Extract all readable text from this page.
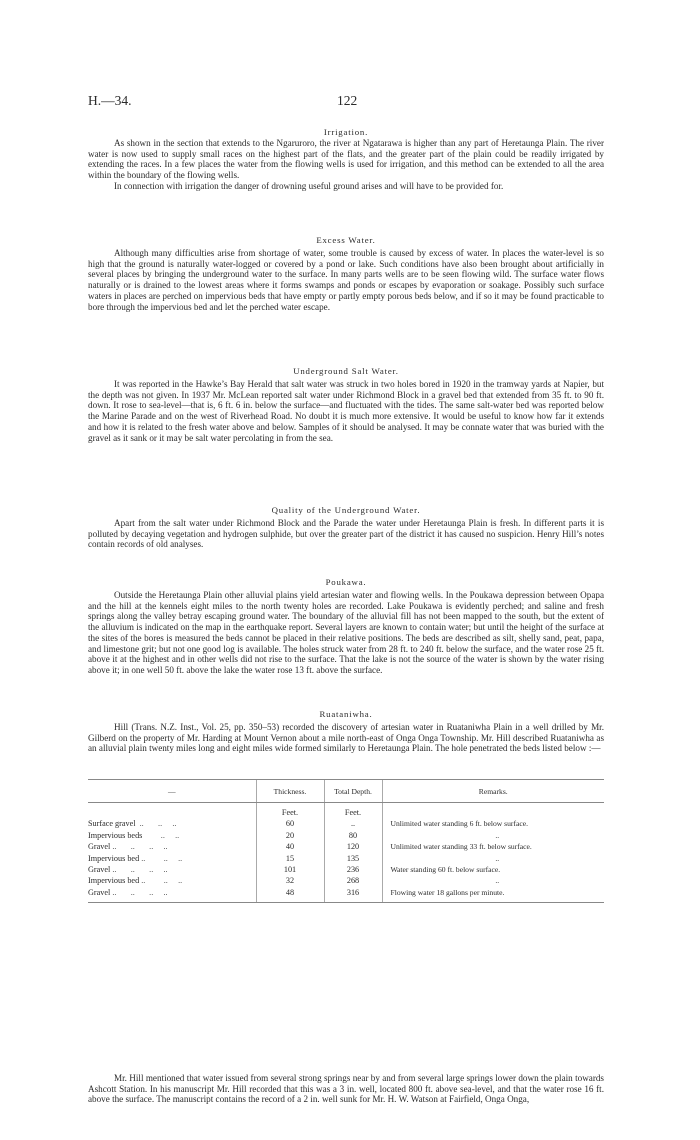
H.—34.	122

Irrigation.

As shown in the section that extends to the Ngaruroro, the river at Ngatarawa is higher than any part of Heretaunga Plain. The river water is now used to supply small races on the highest part of the flats, and the greater part of the plain could be readily irrigated by extending the races. In a few places the water from the flowing wells is used for irrigation, and this method can be extended to all the area within the boundary of the flowing wells.

In connection with irrigation the danger of drowning useful ground arises and will have to be provided for.

Excess Water.

Although many difficulties arise from shortage of water, some trouble is caused by excess of water. In places the water-level is so high that the ground is naturally water-logged or covered by a pond or lake. Such conditions have also been brought about artificially in several places by bringing the underground water to the surface. In many parts wells are to be seen flowing wild. The surface water flows naturally or is drained to the lowest areas where it forms swamps and ponds or escapes by evaporation or soakage. Possibly such surface waters in places are perched on impervious beds that have empty or partly empty porous beds below, and if so it may be found practicable to bore through the impervious bed and let the perched water escape.

Underground Salt Water.

It was reported in the Hawke’s Bay Herald that salt water was struck in two holes bored in 1920 in the tramway yards at Napier, but the depth was not given. In 1937 Mr. McLean reported salt water under Richmond Block in a gravel bed that extended from 35 ft. to 90 ft. down. It rose to sea-level—that is, 6 ft. 6 in. below the surface—and fluctuated with the tides. The same salt-water bed was reported below the Marine Parade and on the west of Riverhead Road. No doubt it is much more extensive. It would be useful to know how far it extends and how it is related to the fresh water above and below. Samples of it should be analysed. It may be connate water that was buried with the gravel as it sank or it may be salt water percolating in from the sea.

Quality of the Underground Water.

Apart from the salt water under Richmond Block and the Parade the water under Heretaunga Plain is fresh. In different parts it is polluted by decaying vegetation and hydrogen sulphide, but over the greater part of the district it has caused no suspicion. Henry Hill’s notes contain records of old analyses.

Poukawa.

Outside the Heretaunga Plain other alluvial plains yield artesian water and flowing wells. In the Poukawa depression between Opapa and the hill at the kennels eight miles to the north twenty holes are recorded. Lake Poukawa is evidently perched; and saline and fresh springs along the valley betray escaping ground water. The boundary of the alluvial fill has not been mapped to the south, but the extent of the alluvium is indicated on the map in the earthquake report. Several layers are known to contain water; but until the height of the surface at the sites of the bores is measured the beds cannot be placed in their relative positions. The beds are described as silt, shelly sand, peat, papa, and limestone grit; but not one good log is available. The holes struck water from 28 ft. to 240 ft. below the surface, and the water rose 25 ft. above it at the highest and in other wells did not rise to the surface. That the lake is not the source of the water is shown by the water rising above it; in one well 50 ft. above the lake the water rose 13 ft. above the surface.

Ruataniwha.

Hill (Trans. N.Z. Inst., Vol. 25, pp. 350–53) recorded the discovery of artesian water in Ruataniwha Plain in a well drilled by Mr. Gilberd on the property of Mr. Harding at Mount Vernon about a mile north-east of Onga Onga Township. Mr. Hill described Ruataniwha as an alluvial plain twenty miles long and eight miles wide formed similarly to Heretaunga Plain. The hole penetrated the beds listed below :—

—	Thickness.	Total Depth.	Remarks.
	Feet.	Feet.	
Surface gravel  ..       ..     ..	60	..	Unlimited water standing 6 ft. below surface.
Impervious beds         ..     ..	20	80	..
Gravel ..       ..       ..     ..	40	120	Unlimited water standing 33 ft. below surface.
Impervious bed ..         ..     ..	15	135	..
Gravel ..       ..       ..     ..	101	236	Water standing 60 ft. below surface.
Impervious bed ..         ..     ..	32	268	..
Gravel ..       ..       ..     ..	48	316	Flowing water 18 gallons per minute.

Mr. Hill mentioned that water issued from several strong springs near by and from several large springs lower down the plain towards Ashcott Station. In his manuscript Mr. Hill recorded that this was a 3 in. well, located 800 ft. above sea-level, and that the water rose 16 ft. above the surface. The manuscript contains the record of a 2 in. well sunk for Mr. H. W. Watson at Fairfield, Onga Onga,
